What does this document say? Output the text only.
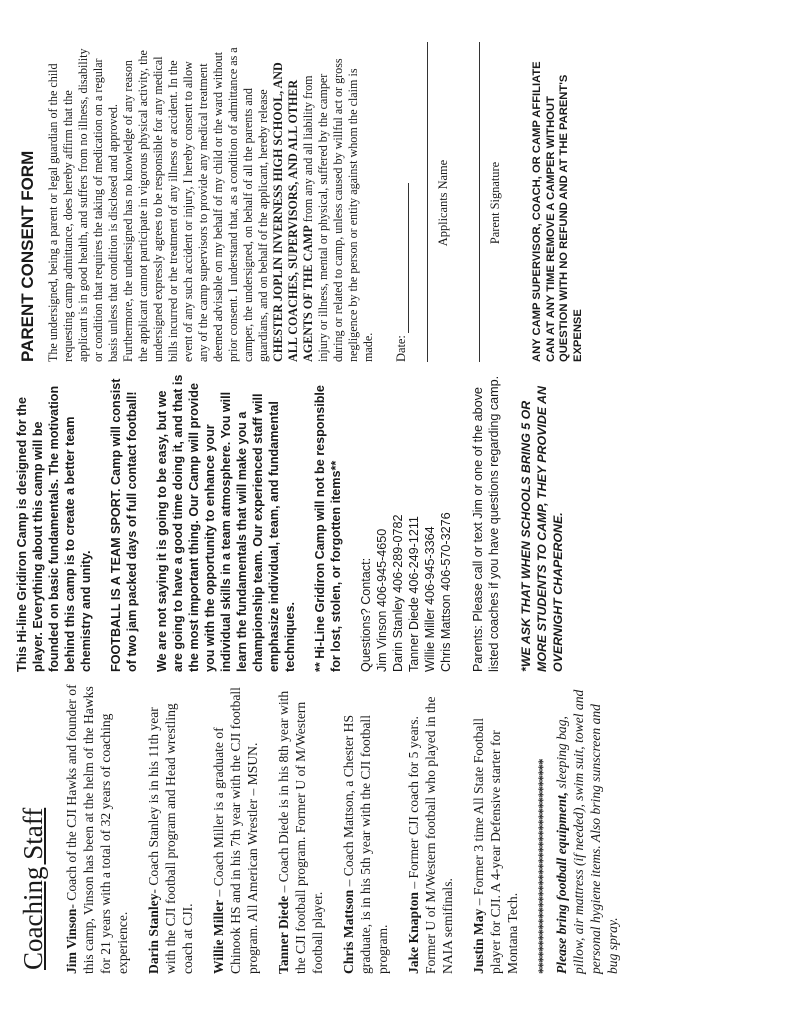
Coaching Staff Jim Vinson- Coach of the CJI Hawks and founder of this camp, Vinson has been at the helm of the Hawks for 21 years with a total of 32 years of coaching experience. Darin Stanley- Coach Stanley is in his 11th year with the CJI football program and Head wrestling coach at CJI. Willie Miller – Coach Miller is a graduate of Chinook HS and in his 7th year with the CJI football program. All American Wrestler – MSUN. Tanner Diede – Coach Diede is in his 8th year with the CJI football program. Former U of M/Western football player. Chris Mattson – Coach Mattson, a Chester HS graduate, is in his 5th year with the CJI football program. Jake Knapton – Former CJI coach for 5 years. Former U of M/Western football who played in the NAIA semifinals. Justin May – Former 3 time All State Football player for CJI. A 4-year Defensive starter for Montana Tech. *************************************** Please bring football equipment, sleeping bag, pillow, air mattress (if needed), swim suit, towel and personal hygiene items. Also bring sunscreen and bug spray.

This Hi-line Gridiron Camp is designed for the player. Everything about this camp will be founded on basic fundamentals. The motivation behind this camp is to create a better team chemistry and unity. FOOTBALL IS A TEAM SPORT. Camp will consist of two jam packed days of full contact football! We are not saying it is going to be easy, but we are going to have a good time doing it, and that is the most important thing. Our Camp will provide you with the opportunity to enhance your individual skills in a team atmosphere. You will learn the fundamentals that will make you a championship team. Our experienced staff will emphasize individual, team, and fundamental techniques. ** Hi-Line Gridiron Camp will not be responsible for lost, stolen, or forgotten items** Questions? Contact: Jim Vinson 406-945-4650 Darin Stanley 406-289-0782 Tanner Diede 406-249-1211 Willie Miller 406-945-3364 Chris Mattson 406-570-3276 Parents: Please call or text Jim or one of the above listed coaches if you have questions regarding camp. *WE ASK THAT WHEN SCHOOLS BRING 5 OR MORE STUDENTS TO CAMP, THEY PROVIDE AN OVERNIGHT CHAPERONE.

PARENT CONSENT FORM The undersigned, being a parent or legal guardian of the child requesting camp admittance, does hereby affirm that the applicant is in good health, and suffers from no illness, disability or condition that requires the taking of medication on a regular basis unless that condition is disclosed and approved. Furthermore, the undersigned has no knowledge of any reason the applicant cannot participate in vigorous physical activity, the undersigned expressly agrees to be responsible for any medical bills incurred or the treatment of any illness or accident. In the event of any such accident or injury, I hereby consent to allow any of the camp supervisors to provide any medical treatment deemed advisable on my behalf of my child or the ward without prior consent. I understand that, as a condition of admittance as a camper, the undersigned, on behalf of all the parents and guardians, and on behalf of the applicant, hereby release CHESTER JOPLIN INVERNESS HIGH SCHOOL, AND ALL COACHES, SUPERVISORS, AND ALL OTHER AGENTS OF THE CAMP from any and all liability from injury or illness, mental or physical, suffered by the camper during or related to camp, unless caused by willful act or gross negligence by the person or entity against whom the claim is made. Date:

Applicants Name	Parent Signature	ANY CAMP SUPERVISOR, COACH, OR CAMP AFFILIATE CAN AT ANY TIME REMOVE A CAMPER WITHOUT QUESTION WITH NO REFUND AND AT THE PARENT'S EXPENSE
